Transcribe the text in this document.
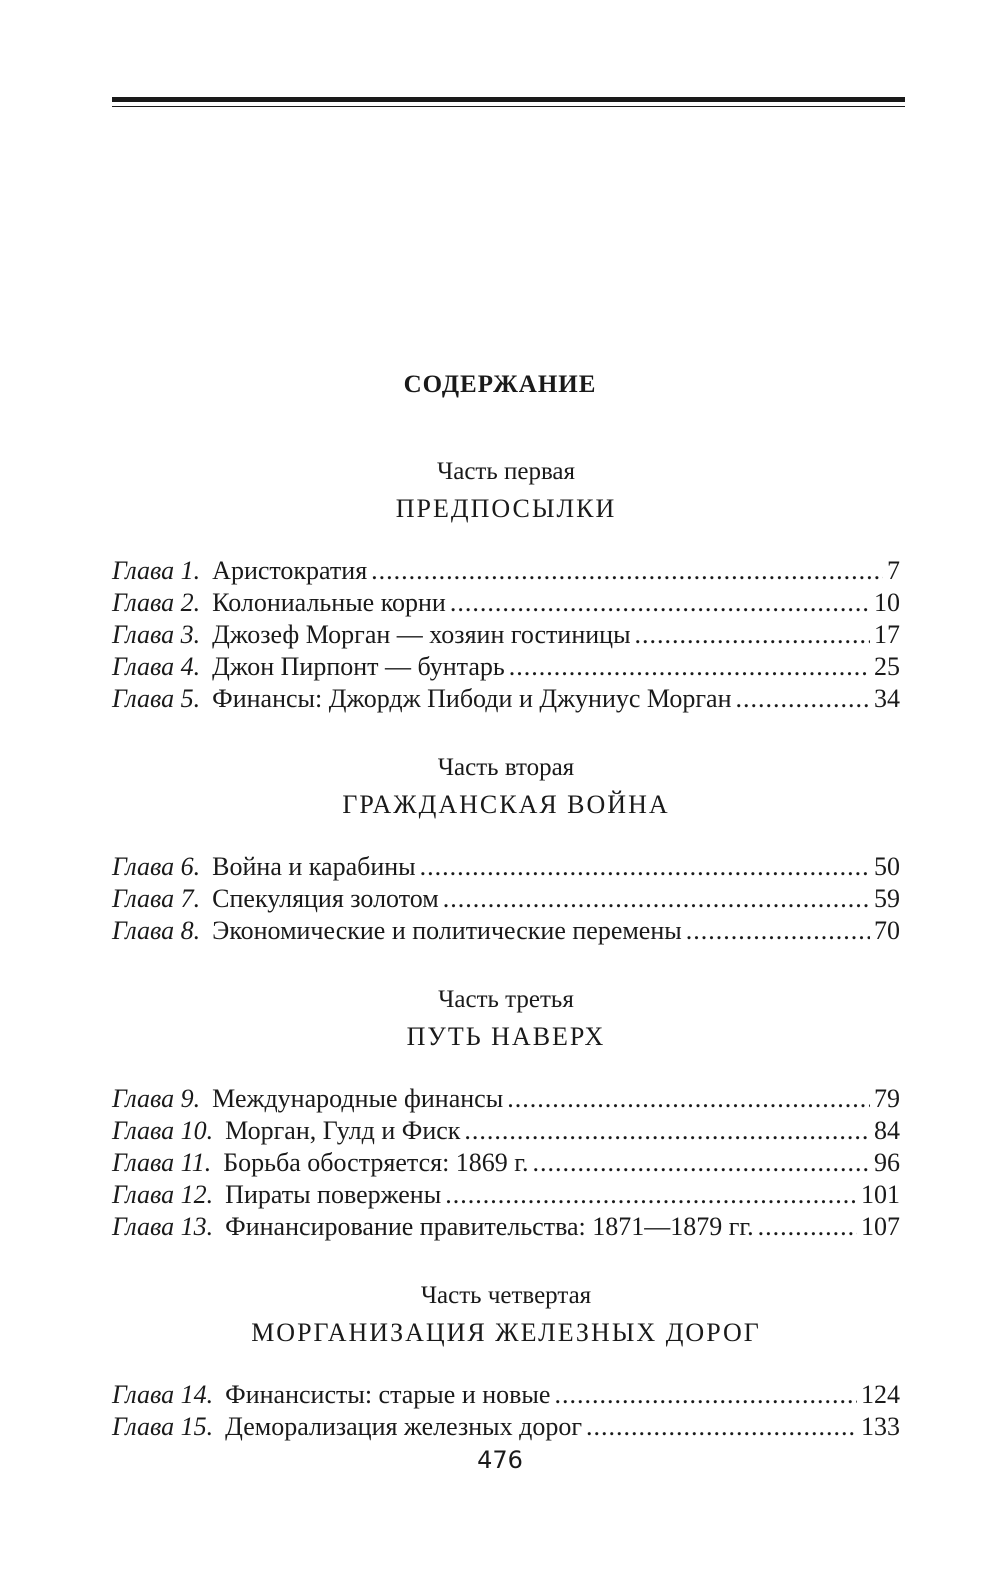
СОДЕРЖАНИЕ
Часть первая
ПРЕДПОСЫЛКИ
Глава 1. Аристократия .....	7
Глава 2. Колониальные корни .....	10
Глава 3. Джозеф Морган — хозяин гостиницы .....	17
Глава 4. Джон Пирпонт — бунтарь .....	25
Глава 5. Финансы: Джордж Пибоди и Джуниус Морган .....	34
Часть вторая
ГРАЖДАНСКАЯ ВОЙНА
Глава 6. Война и карабины .....	50
Глава 7. Спекуляция золотом .....	59
Глава 8. Экономические и политические перемены .....	70
Часть третья
ПУТЬ НАВЕРХ
Глава 9. Международные финансы .....	79
Глава 10. Морган, Гулд и Фиск .....	84
Глава 11. Борьба обостряется: 1869 г. .....	96
Глава 12. Пираты повержены .....	101
Глава 13. Финансирование правительства: 1871—1879 гг. .....	107
Часть четвертая
МОРГАНИЗАЦИЯ ЖЕЛЕЗНЫХ ДОРОГ
Глава 14. Финансисты: старые и новые .....	124
Глава 15. Деморализация железных дорог .....	133
476
